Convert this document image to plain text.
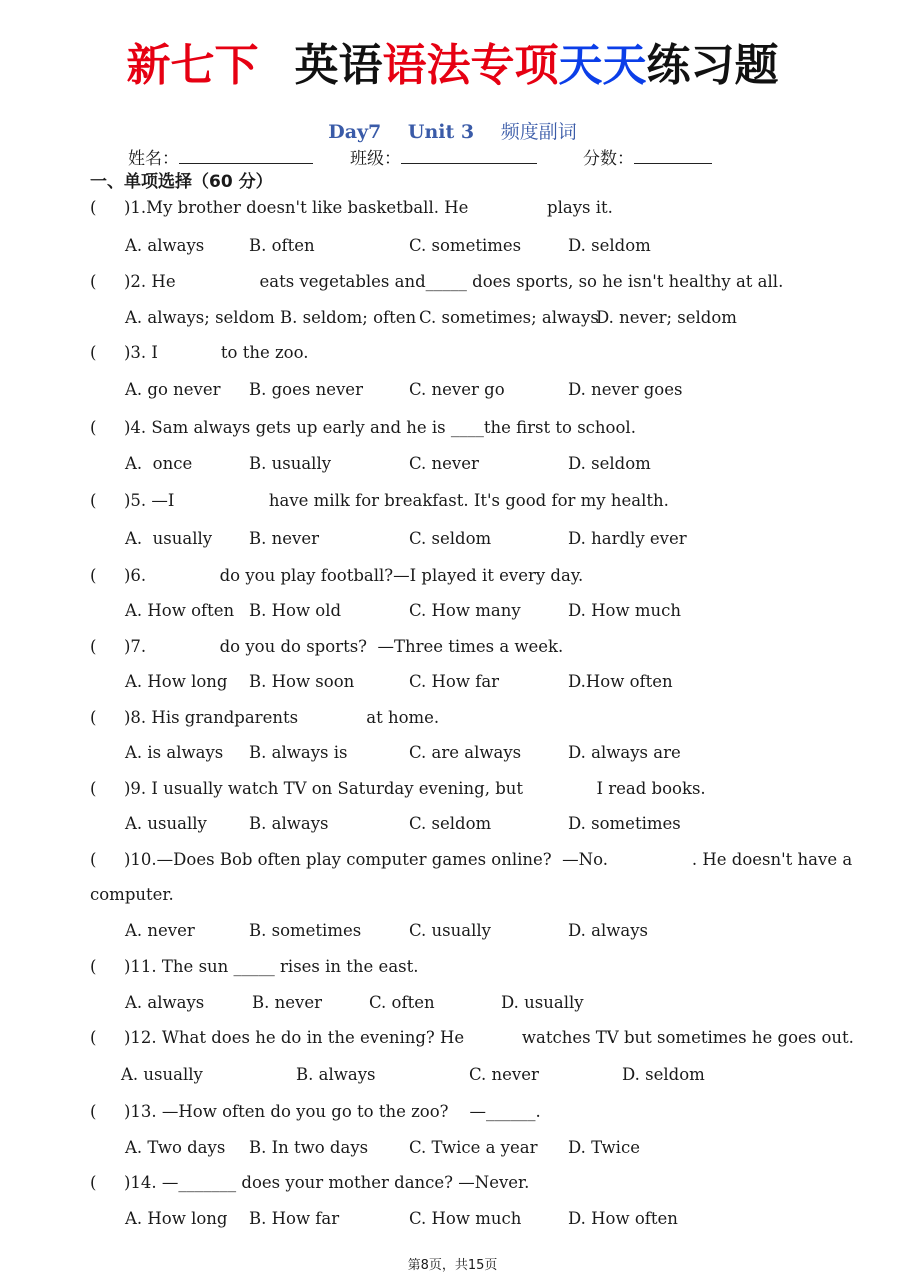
新七下 英语语法专项天天练习题
Day7 Unit 3 频度副词
姓名：	班级：	分数：
一、单项选择（60 分）
( )1.My brother doesn't like basketball. He               plays it.
A. always	B. often	C. sometimes	D. seldom
( )2. He                eats vegetables and_____ does sports, so he isn't healthy at all.
A. always; seldom B. seldom; often C. sometimes; always
D. never; seldom
( )3. I            to the zoo.
A. go never B. goes never	C. never go	D. never goes
( )4. Sam always gets up early and he is ____the first to school.
A.  once	B. usually	C. never	D. seldom
( )5. —I                  have milk for breakfast. It's good for my health.
A.  usually B. never	C. seldom	D. hardly ever
( )6.              do you play football?—I played it every day.
A. How often B. How old	C. How many	D. How much
( )7.              do you do sports?  —Three times a week.
A. How long B. How soon	C. How far	D.How often
( )8. His grandparents             at home.
A. is always B. always is	C. are always	D. always are
( )9. I usually watch TV on Saturday evening, but              I read books.
A. usually	B. always	C. seldom	D. sometimes
( )10.—Does Bob often play computer games online?  —No.                . He doesn't have a
computer.
A. never	B. sometimes	C. usually	D. always
( )11. The sun _____ rises in the east.
A. always	B. never	C. often	D. usually
( )12. What does he do in the evening? He           watches TV but sometimes he goes out.
A. usually	B. always	C. never	D. seldom
( )13. —How often do you go to the zoo?    —______.
A. Two days B. In two days C. Twice a year D. Twice
( )14. —_______ does your mother dance? —Never.
A. How long B. How far	C. How much	D. How often
第8页，共15页
